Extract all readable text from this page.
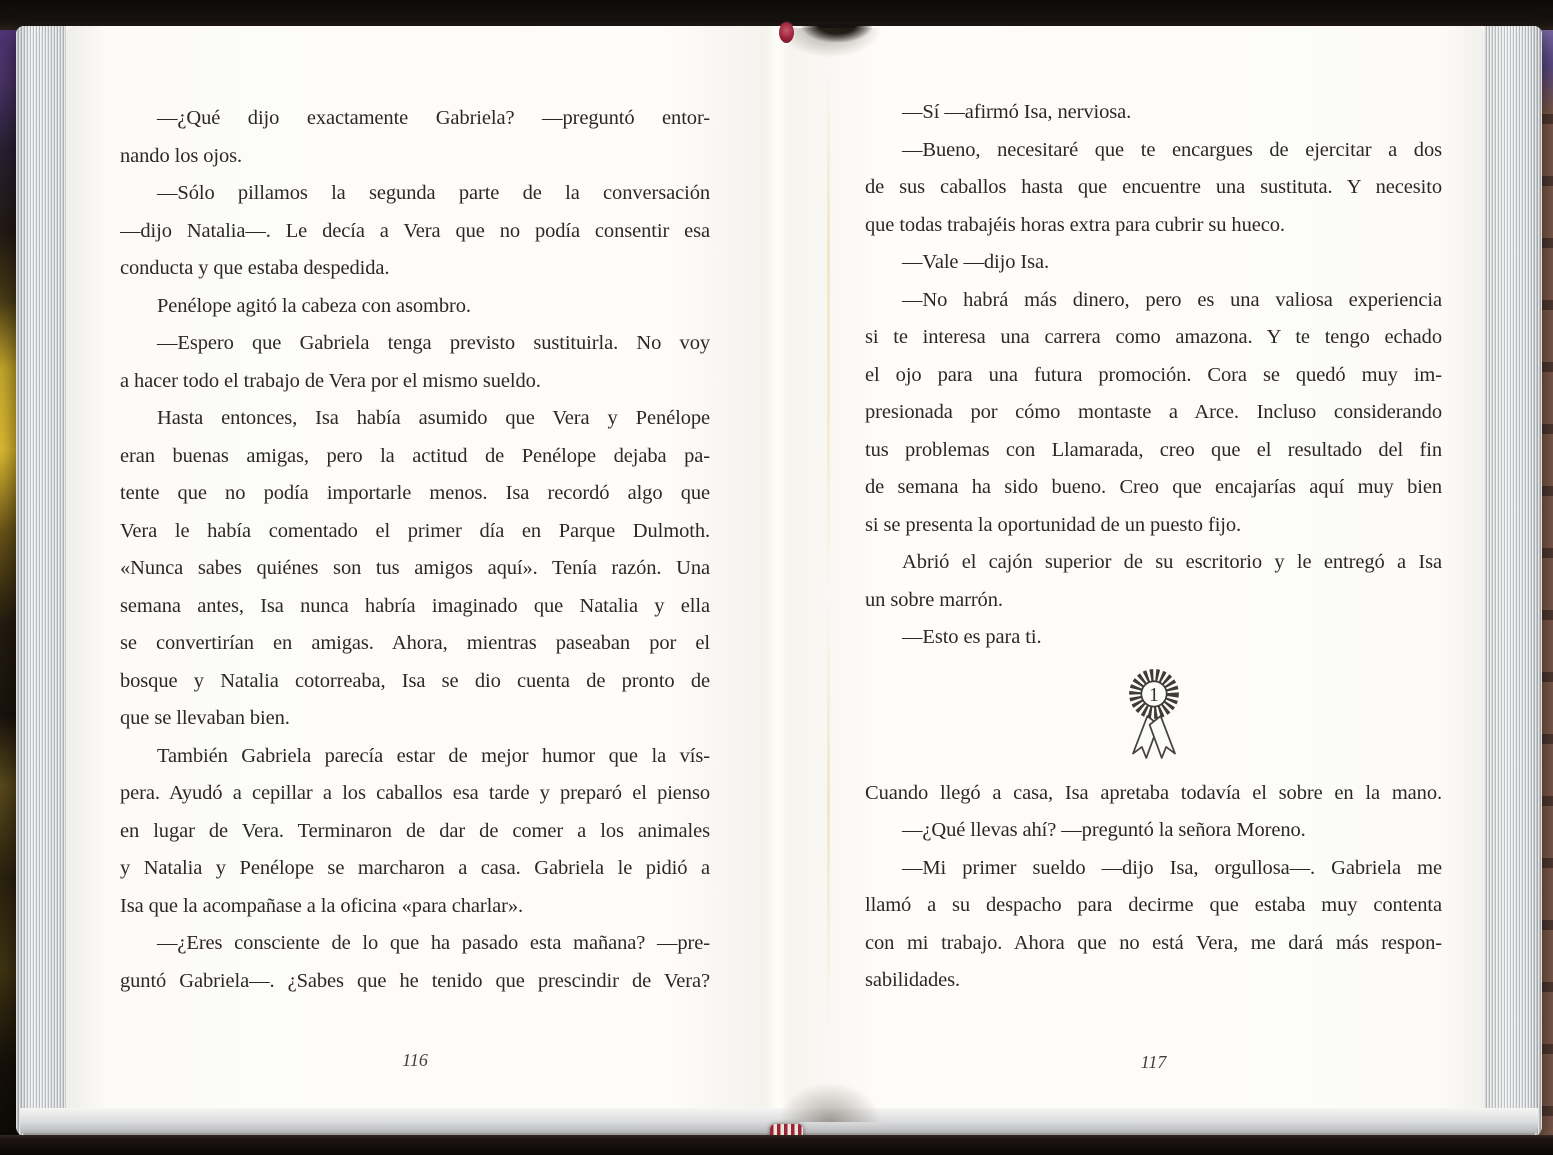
—¿Qué dijo exactamente Gabriela? —preguntó entor-
nando los ojos.
—Sólo pillamos la segunda parte de la conversación
—dijo Natalia—. Le decía a Vera que no podía consentir esa
conducta y que estaba despedida.
Penélope agitó la cabeza con asombro.
—Espero que Gabriela tenga previsto sustituirla. No voy
a hacer todo el trabajo de Vera por el mismo sueldo.
Hasta entonces, Isa había asumido que Vera y Penélope
eran buenas amigas, pero la actitud de Penélope dejaba pa-
tente que no podía importarle menos. Isa recordó algo que
Vera le había comentado el primer día en Parque Dulmoth.
«Nunca sabes quiénes son tus amigos aquí». Tenía razón. Una
semana antes, Isa nunca habría imaginado que Natalia y ella
se convertirían en amigas. Ahora, mientras paseaban por el
bosque y Natalia cotorreaba, Isa se dio cuenta de pronto de
que se llevaban bien.
También Gabriela parecía estar de mejor humor que la vís-
pera. Ayudó a cepillar a los caballos esa tarde y preparó el pienso
en lugar de Vera. Terminaron de dar de comer a los animales
y Natalia y Penélope se marcharon a casa. Gabriela le pidió a
Isa que la acompañase a la oficina «para charlar».
—¿Eres consciente de lo que ha pasado esta mañana? —pre-
guntó Gabriela—. ¿Sabes que he tenido que prescindir de Vera?
—Sí —afirmó Isa, nerviosa.
—Bueno, necesitaré que te encargues de ejercitar a dos
de sus caballos hasta que encuentre una sustituta. Y necesito
que todas trabajéis horas extra para cubrir su hueco.
—Vale —dijo Isa.
—No habrá más dinero, pero es una valiosa experiencia
si te interesa una carrera como amazona. Y te tengo echado
el ojo para una futura promoción. Cora se quedó muy im-
presionada por cómo montaste a Arce. Incluso considerando
tus problemas con Llamarada, creo que el resultado del fin
de semana ha sido bueno. Creo que encajarías aquí muy bien
si se presenta la oportunidad de un puesto fijo.
Abrió el cajón superior de su escritorio y le entregó a Isa
un sobre marrón.
—Esto es para ti.
1
Cuando llegó a casa, Isa apretaba todavía el sobre en la mano.
—¿Qué llevas ahí? —preguntó la señora Moreno.
—Mi primer sueldo —dijo Isa, orgullosa—. Gabriela me
llamó a su despacho para decirme que estaba muy contenta
con mi trabajo. Ahora que no está Vera, me dará más respon-
sabilidades.
116	117
